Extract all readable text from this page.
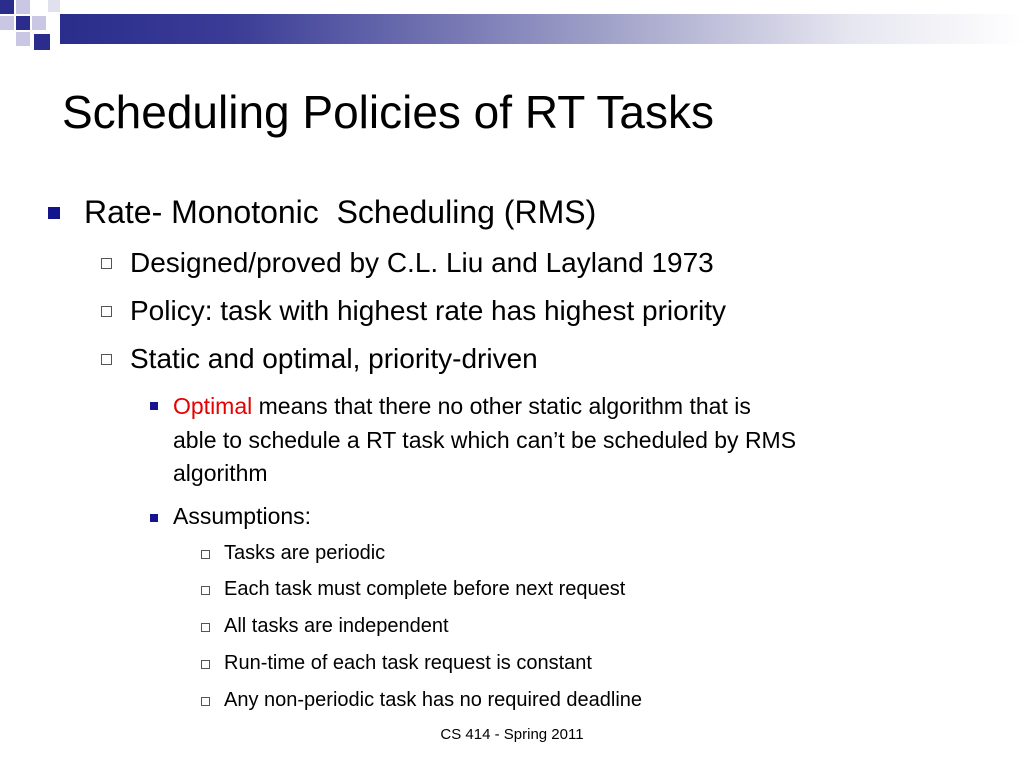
Scheduling Policies of RT Tasks
Rate- Monotonic  Scheduling (RMS)
Designed/proved by C.L. Liu and Layland 1973
Policy: task with highest rate has highest priority
Static and optimal, priority-driven
Optimal means that there no other static algorithm that is
able to schedule a RT task which can’t be scheduled by RMS
algorithm
Assumptions:
Tasks are periodic
Each task must complete before next request
All tasks are independent
Run-time of each task request is constant
Any non-periodic task has no required deadline
CS 414 - Spring 2011
